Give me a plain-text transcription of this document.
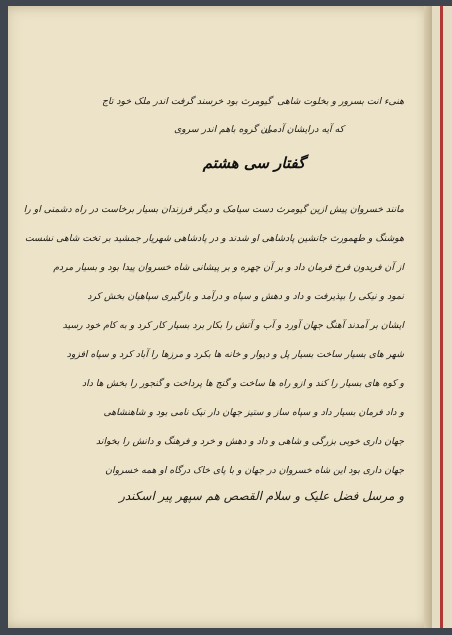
هنیء انت بسرور و بخلوت شاهی
گیومرث بود خرسند گرفت اندر ملک خود تاج
که آیه درایشان آدمی
ان گروه باهم اندر سروی
گفتار سی هشتم
مانند خسروان پیش ازین گیومرث دست سیامک و دیگر فرزندان بسیار برخاست در راه دشمنی او را
هوشنگ و طهمورث جانشین پادشاهی او شدند و در پادشاهی شهریار جمشید بر تخت شاهی نشست
از آن فریدون فرخ فرمان داد و بر آن چهره و بر پیشانی شاه خسروان پیدا بود و بسیار مردم
نمود و نیکی را بپذیرفت و داد و دهش و سپاه و درآمد و بازگیری سپاهیان بخش کرد
ایشان بر آمدند آهنگ جهان آورد و آب و آتش را بکار برد بسیار کار کرد و به کام خود رسید
شهر های بسیار ساخت بسیار پل و دیوار و خانه ها بکرد و مرزها را آباد کرد و سپاه افزود
و کوه های بسیار را کند و ازو راه ها ساخت و گنج ها پرداخت و گنجور را بخش ها داد
و داد فرمان بسیار داد و سپاه ساز و ستیز جهان دار نیک نامی بود و شاهنشاهی
جهان داری خوبی بزرگی و شاهی و داد و دهش و خرد و فرهنگ و دانش را بخواند
جهان داری بود این شاه خسروان در جهان و با پای خاک درگاه او همه خسروان
و مرسل فضل علیک و سلام القصص هم سپهر پیر اسکندر
